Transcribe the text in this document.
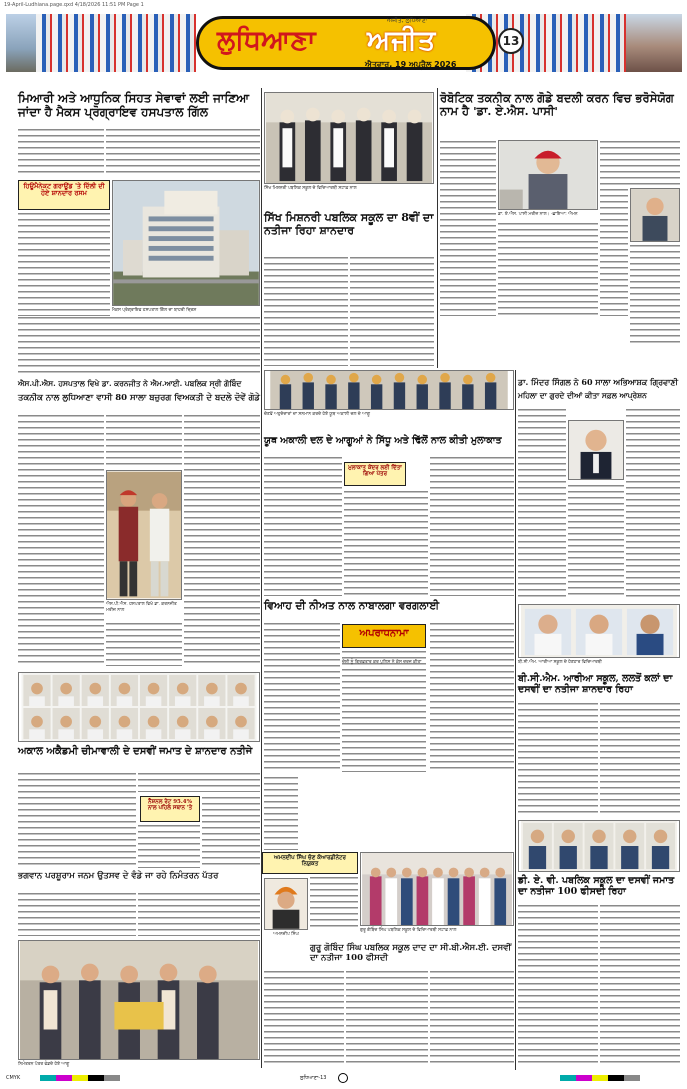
19-April-Ludhiana.page.qxd 4/18/2026 11:51 PM Page 1
ਲੁਧਿਆਣਾ ਅਜੀਤ
ਅਜੀਤ, ਲੁਧਿਆਣਾ
ਐਤਵਾਰ, 19 ਅਪ੍ਰੈਲ 2026
13
ਮਿਆਰੀ ਅਤੇ ਆਧੁਨਿਕ ਸਿਹਤ ਸੇਵਾਵਾਂ ਲਈ ਜਾਣਿਆ ਜਾਂਦਾ ਹੈ ਮੈਕਸ ਪ੍ਰੋਗ੍ਰਾਇਵ ਹਸਪਤਾਲ ਗਿੱਲ
ਹਿਊਮੈਨੇਕਟ ਗਰਾਊਂਡ 'ਤੇ ਦਿੱਲੀ ਦੀ ਹੋਏ ਸ਼ਾਨਦਾਰ ਰਸਮ
ਮੈਕਸ ਪ੍ਰੋਗ੍ਰਾਇਵ ਹਸਪਤਾਲ ਗਿੱਲ ਦਾ ਬਾਹਰੀ ਦ੍ਰਿਸ਼
ਸਿੱਖ ਮਿਸ਼ਨਰੀ ਪਬਲਿਕ ਸਕੂਲ ਦੇ ਵਿਦਿਆਰਥੀ ਸਟਾਫ਼ ਨਾਲ
ਸਿੱਖ ਮਿਸ਼ਨਰੀ ਪਬਲਿਕ ਸਕੂਲ ਦਾ 8ਵੀਂ ਦਾ ਨਤੀਜਾ ਰਿਹਾ ਸ਼ਾਨਦਾਰ
ਰੋਬੋਟਿਕ ਤਕਨੀਕ ਨਾਲ ਗੋਡੇ ਬਦਲੀ ਕਰਨ ਵਿਚ ਭਰੋਸੇਯੋਗ ਨਾਮ ਹੈ 'ਡਾ. ਏ.ਐਸ. ਪਾਸੀ'
ਡਾ. ਏ.ਐਸ. ਪਾਸੀ ਮਰੀਜ਼ ਨਾਲ। -ਛਾਇਆ: ਐਮਨ
ਚੋਣਵੇਂ ਅਹੁਦੇਦਾਰਾਂ ਦਾ ਸਨਮਾਨ ਕਰਦੇ ਹੋਏ ਯੂਥ ਅਕਾਲੀ ਦਲ ਦੇ ਆਗੂ
ਡਾ. ਮਿੰਦਰ ਸਿੰਗਲ ਨੇ 60 ਸਾਲਾ ਅਭਿਆਸ਼ਕ ਗ੍ਰਿਵਾਣੀ
ਮਹਿਲਾ ਦਾ ਗੁਰਦੇ ਦੀਆਂ ਕੀਤਾ ਸਫ਼ਲ ਆਪ੍ਰੇਸ਼ਨ
ਐਸ.ਪੀ.ਐਸ. ਹਸਪਤਾਲ ਵਿਖੇ ਡਾ. ਕਰਨਜੀਤ ਨੇ ਐਮ.ਆਈ. ਪਬਲਿਕ ਸ੍ਰੀ ਗੋਬਿੰਦ
ਤਕਨੀਕ ਨਾਲ ਲੁਧਿਆਣਾ ਵਾਸੀ 80 ਸਾਲਾ ਬਜ਼ੁਰਗ ਵਿਅਕਤੀ ਦੇ ਬਦਲੇ ਦੋਵੇਂ ਗੋਡੇ
ਐਸ.ਪੀ.ਐਸ. ਹਸਪਤਾਲ ਵਿਖੇ ਡਾ. ਕਰਨਜੀਤ ਮਰੀਜ਼ ਨਾਲ
ਯੂਥ ਅਕਾਲੀ ਦਲ ਦੇ ਆਗੂਆਂ ਨੇ ਸਿੱਧੂ ਅਤੇ ਢਿੱਲੋਂ ਨਾਲ ਕੀਤੀ ਮੁਲਾਕਾਤ
ਮੁਲਾਕਾਤ ਕੇਂਦਰ ਲਈ ਦਿੱਤਾ ਗਿਆ ਪੱਤਰ
ਵਿਆਹ ਦੀ ਨੀਅਤ ਨਾਲ ਨਾਬਾਲਗਾ ਵਰਗਲਾਈ
ਅਪਰਾਧਨਾਮਾ
ਦੋਸ਼ੀ ਨੂੰ ਗ੍ਰਿਫ਼ਤਾਰ ਕਰ ਪੁਲਿਸ ਨੇ ਕੇਸ ਦਰਜ ਕੀਤਾ	ਬੀ.ਸੀ.ਐਮ. ਆਰੀਆ ਸਕੂਲ ਦੇ ਹੋਣਹਾਰ ਵਿਦਿਆਰਥੀ
ਬੀ.ਸੀ.ਐਮ. ਆਰੀਆ ਸਕੂਲ, ਲਲਤੋਂ ਕਲਾਂ ਦਾ ਦਸਵੀਂ ਦਾ ਨਤੀਜਾ ਸ਼ਾਨਦਾਰ ਰਿਹਾ
ਅਕਾਲ ਅਕੈਡਮੀ ਚੀਮਾਵਾਲੀ ਦੇ ਦਸਵੀਂ ਜਮਾਤ ਦੇ ਸ਼ਾਨਦਾਰ ਨਤੀਜੇ
ਨੈਸ਼ਨਲ ਰੇਟ 95.4% ਨਾਲ ਪਹਿਲੇ ਸਥਾਨ 'ਤੇ
ਭਗਵਾਨ ਪਰਸ਼ੂਰਾਮ ਜਨਮ ਉਤਸਵ ਦੇ ਵੰਡੇ ਜਾ ਰਹੇ ਨਿਮੰਤਰਨ ਪੱਤਰ
ਨਿਮੰਤਰਨ ਪੱਤਰ ਵੰਡਦੇ ਹੋਏ ਆਗੂ
ਅਮਨਦੀਪ ਸਿੰਘ ਚੋਣ ਕੋਆਰਡੀਨੇਟਰ ਨਿਯੁਕਤ
ਅਮਨਦੀਪ ਸਿੰਘ
ਗੁਰੂ ਗੋਬਿੰਦ ਸਿੰਘ ਪਬਲਿਕ ਸਕੂਲ ਦੇ ਵਿਦਿਆਰਥੀ ਸਟਾਫ਼ ਨਾਲ
ਗੁਰੂ ਗੋਬਿੰਦ ਸਿੰਘ ਪਬਲਿਕ ਸਕੂਲ ਦਾਦ ਦਾ ਸੀ.ਬੀ.ਐਸ.ਈ. ਦਸਵੀਂ ਦਾ ਨਤੀਜਾ 100 ਫੀਸਦੀ
ਡੀ. ਏ. ਵੀ. ਪਬਲਿਕ ਸਕੂਲ ਦਾ ਦਸਵੀਂ ਜਮਾਤ ਦਾ ਨਤੀਜਾ 100 ਫੀਸਦੀ ਰਿਹਾ
CMYK	ਲੁਧਿਆਣਾ-13
